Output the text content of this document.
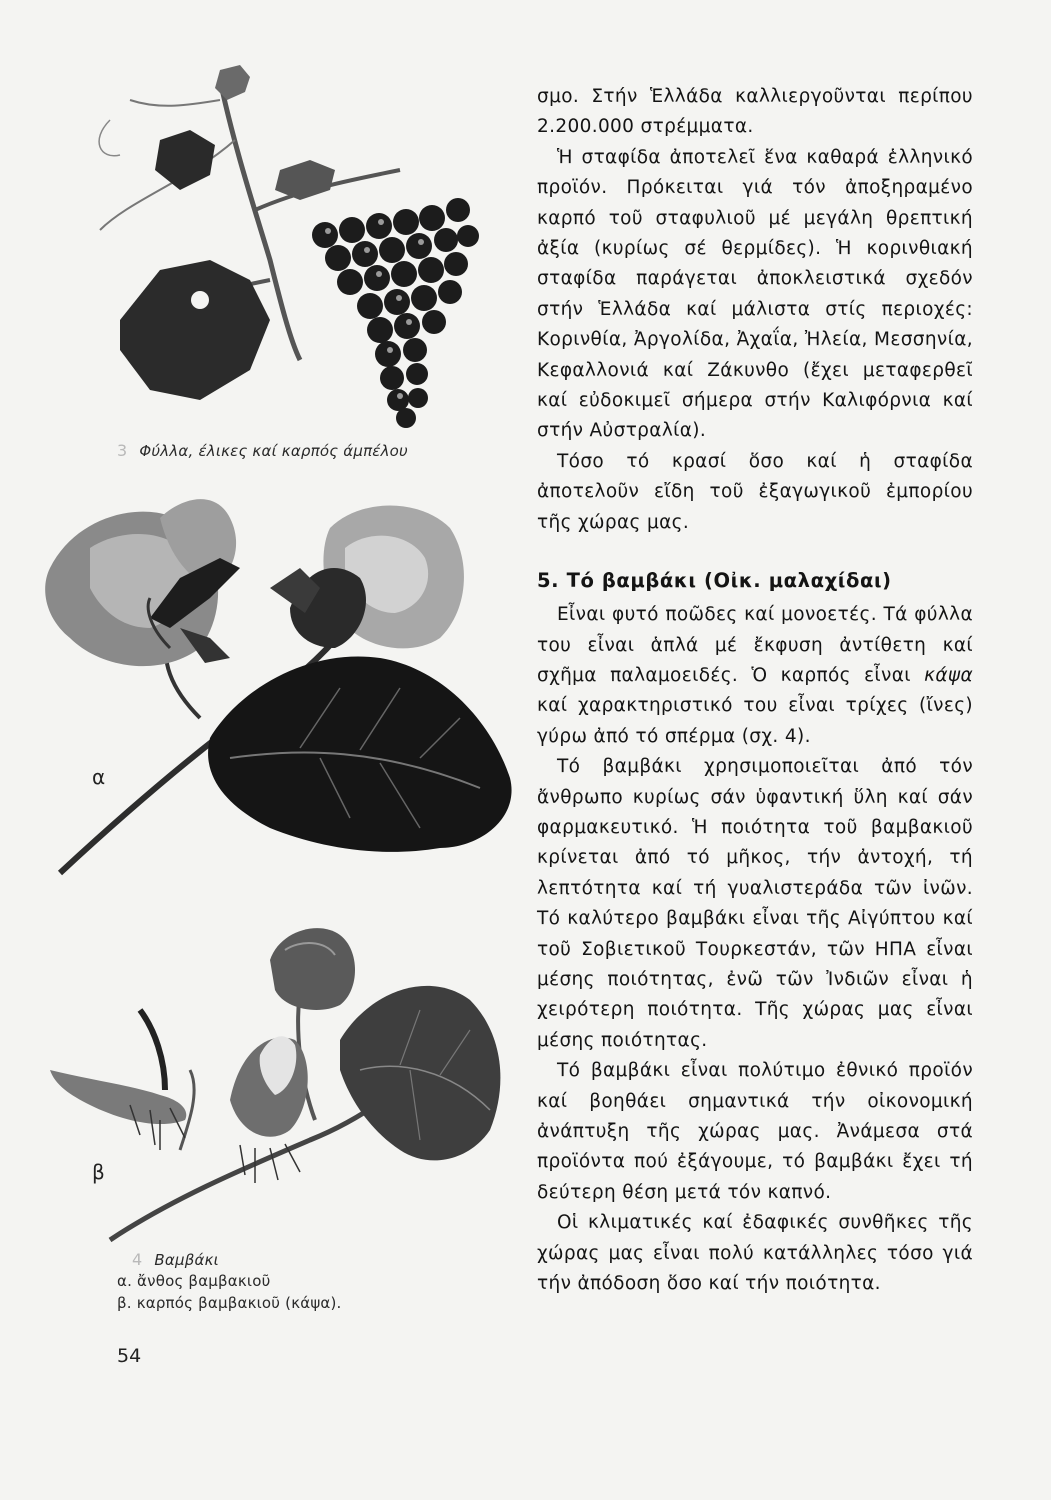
3 Φύλλα, έλικες καί καρπός άμπέλου
α
β
4 Βαμβάκι
α. ἄνθος βαμβακιοῦ
β. καρπός βαμβακιοῦ (κάψα).
54

σμο. Στήν Ἑλλάδα καλλιεργοῦνται περίπου 2.200.000 στρέμματα.

Ἡ σταφίδα ἀποτελεῖ ἕνα καθαρά ἑλληνικό προϊόν. Πρόκειται γιά τόν ἀποξηραμένο καρπό τοῦ σταφυλιοῦ μέ μεγάλη θρεπτική ἀξία (κυρίως σέ θερμίδες). Ἡ κορινθιακή σταφίδα παράγεται ἀποκλειστικά σχεδόν στήν Ἑλλάδα καί μάλιστα στίς περιοχές: Κορινθία, Ἀργολίδα, Ἀχαΐα, Ἠλεία, Μεσσηνία, Κεφαλλονιά καί Ζάκυνθο (ἔχει μεταφερθεῖ καί εὐδοκιμεῖ σήμερα στήν Καλιφόρνια καί στήν Αὐστραλία).

Τόσο τό κρασί ὅσο καί ἡ σταφίδα ἀποτελοῦν εἴδη τοῦ ἐξαγωγικοῦ ἐμπορίου τῆς χώρας μας.

5. Τό βαμβάκι (Οἰκ. μαλαχίδαι)

Εἶναι φυτό ποῶδες καί μονοετές. Τά φύλλα του εἶναι ἁπλά μέ ἔκφυση ἀντίθετη καί σχῆμα παλαμοειδές. Ὁ καρπός εἶναι κάψα καί χαρακτηριστικό του εἶναι τρίχες (ἴνες) γύρω ἀπό τό σπέρμα (σχ. 4).

Τό βαμβάκι χρησιμοποιεῖται ἀπό τόν ἄνθρωπο κυρίως σάν ὑφαντική ὕλη καί σάν φαρμακευτικό. Ἡ ποιότητα τοῦ βαμβακιοῦ κρίνεται ἀπό τό μῆκος, τήν ἀντοχή, τή λεπτότητα καί τή γυαλιστεράδα τῶν ἰνῶν. Τό καλύτερο βαμβάκι εἶναι τῆς Αἰγύπτου καί τοῦ Σοβιετικοῦ Τουρκεστάν, τῶν ΗΠΑ εἶναι μέσης ποιότητας, ἐνῶ τῶν Ἰνδιῶν εἶναι ἡ χειρότερη ποιότητα. Τῆς χώρας μας εἶναι μέσης ποιότητας.

Τό βαμβάκι εἶναι πολύτιμο ἐθνικό προϊόν καί βοηθάει σημαντικά τήν οἰκονομική ἀνάπτυξη τῆς χώρας μας. Ἀνάμεσα στά προϊόντα πού ἐξάγουμε, τό βαμβάκι ἔχει τή δεύτερη θέση μετά τόν καπνό.

Οἱ κλιματικές καί ἐδαφικές συνθῆκες τῆς χώρας μας εἶναι πολύ κατάλληλες τόσο γιά τήν ἀπόδοση ὅσο καί τήν ποιότητα.
